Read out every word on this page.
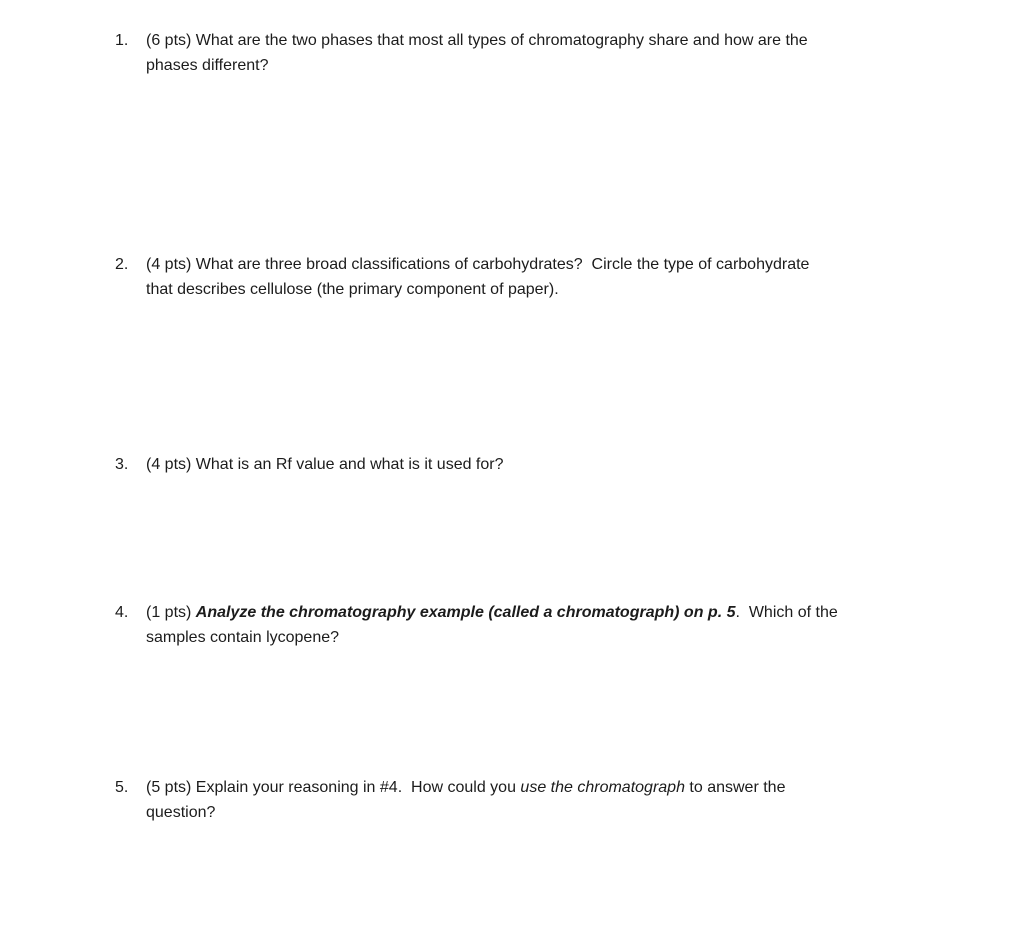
1. (6 pts) What are the two phases that most all types of chromatography share and how are the
phases different?
2. (4 pts) What are three broad classifications of carbohydrates?  Circle the type of carbohydrate
that describes cellulose (the primary component of paper).
3. (4 pts) What is an Rf value and what is it used for?
4. (1 pts) Analyze the chromatography example (called a chromatograph) on p. 5.  Which of the
samples contain lycopene?
5. (5 pts) Explain your reasoning in #4.  How could you use the chromatograph to answer the
question?
